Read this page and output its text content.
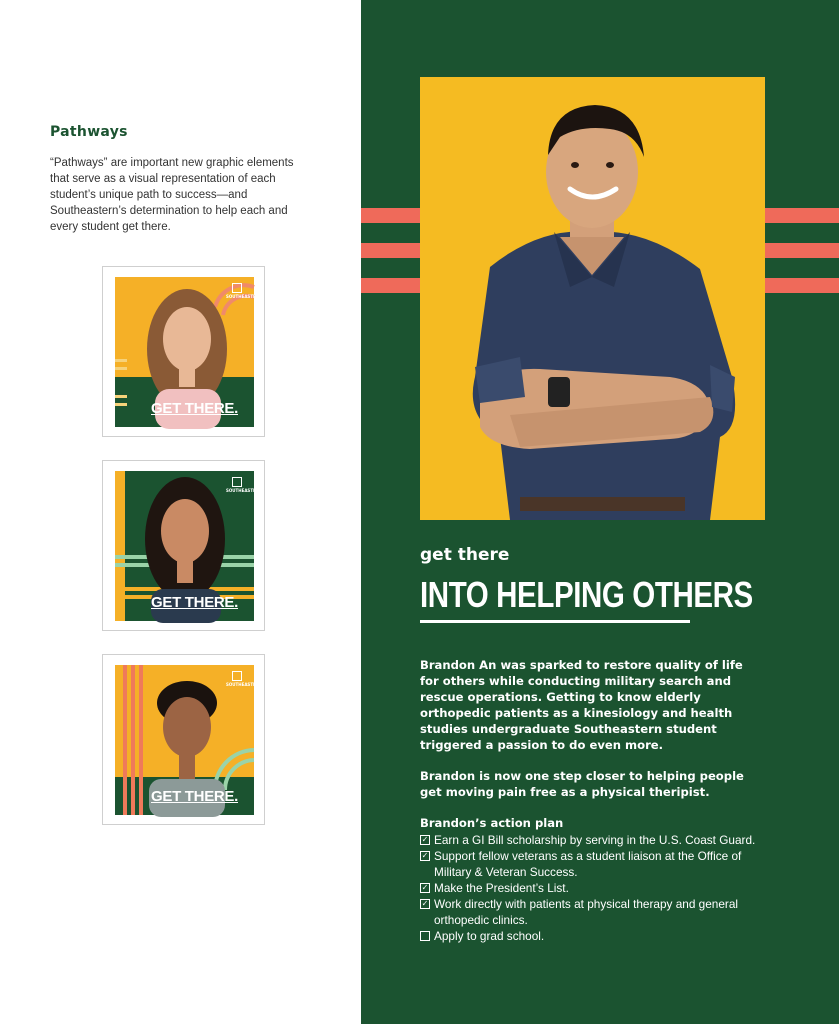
Pathways
“Pathways” are important new graphic elements that serve as a visual representation of each student’s unique path to success—and Southeastern’s determination to help each and every student get there.
SOUTHEASTERN
GET THERE.
SOUTHEASTERN
GET THERE.
SOUTHEASTERN
GET THERE.
get there
INTO HELPING OTHERS
Brandon An was sparked to restore quality of life for others while conducting military search and rescue operations. Getting to know elderly orthopedic patients as a kinesiology and health studies undergraduate Southeastern student triggered a passion to do even more.
Brandon is now one step closer to helping people get moving pain free as a physical theripist.
Brandon’s action plan
✓ Earn a GI Bill scholarship by serving in the U.S. Coast Guard.
✓ Support fellow veterans as a student liaison at the Office of Military & Veteran Success.
✓ Make the President’s List.
✓ Work directly with patients at physical therapy and general orthopedic clinics.
Apply to grad school.
